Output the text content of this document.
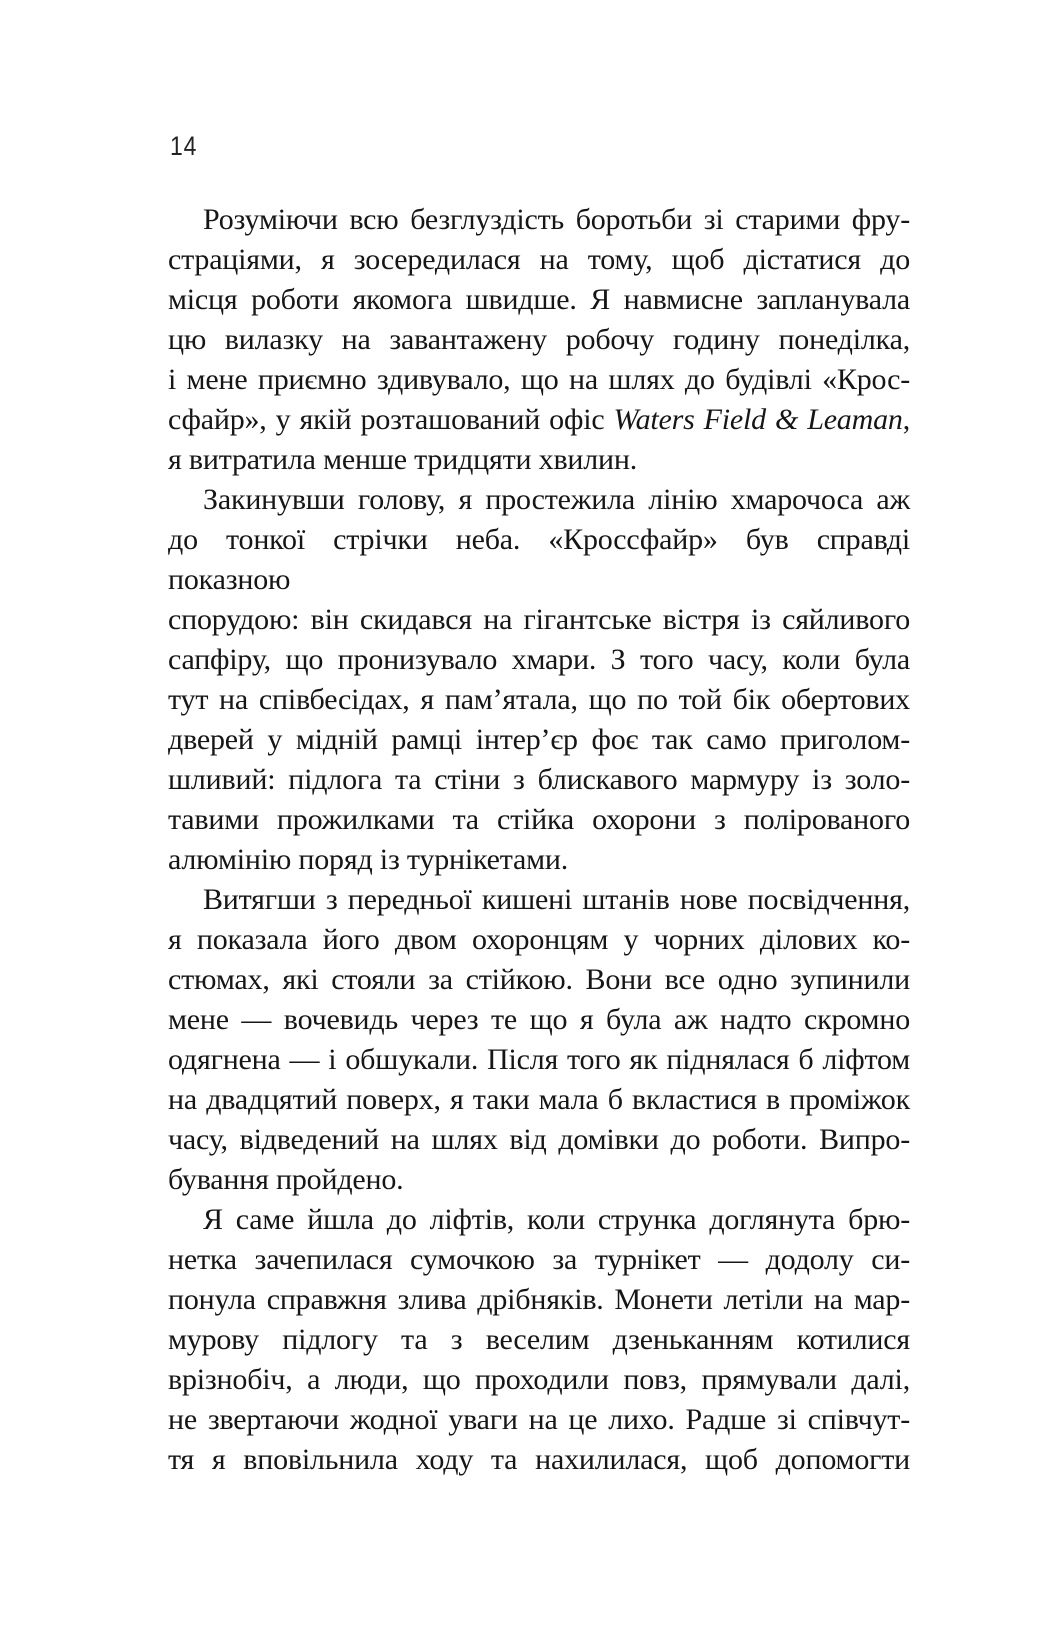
14
Розуміючи всю безглуздість боротьби зі старими фру-
страціями, я зосередилася на тому, щоб дістатися до
місця роботи якомога швидше. Я навмисне запланувала
цю вилазку на завантажену робочу годину понеділка,
і мене приємно здивувало, що на шлях до будівлі «Крос-
сфайр», у якій розташований офіс Waters Field & Leaman,
я витратила менше тридцяти хвилин.
Закинувши голову, я простежила лінію хмарочоса аж
до тонкої стрічки неба. «Кроссфайр» був справді показною
спорудою: він скидався на гігантське вістря із сяйливого
сапфіру, що пронизувало хмари. З того часу, коли була
тут на співбесідах, я пам’ятала, що по той бік обертових
дверей у мідній рамці інтер’єр фоє так само приголом-
шливий: підлога та стіни з блискавого мармуру із золо-
тавими прожилками та стійка охорони з полірованого
алюмінію поряд із турнікетами.
Витягши з передньої кишені штанів нове посвідчення,
я показала його двом охоронцям у чорних ділових ко-
стюмах, які стояли за стійкою. Вони все одно зупинили
мене — вочевидь через те що я була аж надто скромно
одягнена — і обшукали. Після того як піднялася б ліфтом
на двадцятий поверх, я таки мала б вкластися в проміжок
часу, відведений на шлях від домівки до роботи. Випро-
бування пройдено.
Я саме йшла до ліфтів, коли струнка доглянута брю-
нетка зачепилася сумочкою за турнікет — додолу си-
понула справжня злива дрібняків. Монети летіли на мар-
мурову підлогу та з веселим дзеньканням котилися
врізнобіч, а люди, що проходили повз, прямували далі,
не звертаючи жодної уваги на це лихо. Радше зі співчут-
тя я вповільнила ходу та нахилилася, щоб допомогти
